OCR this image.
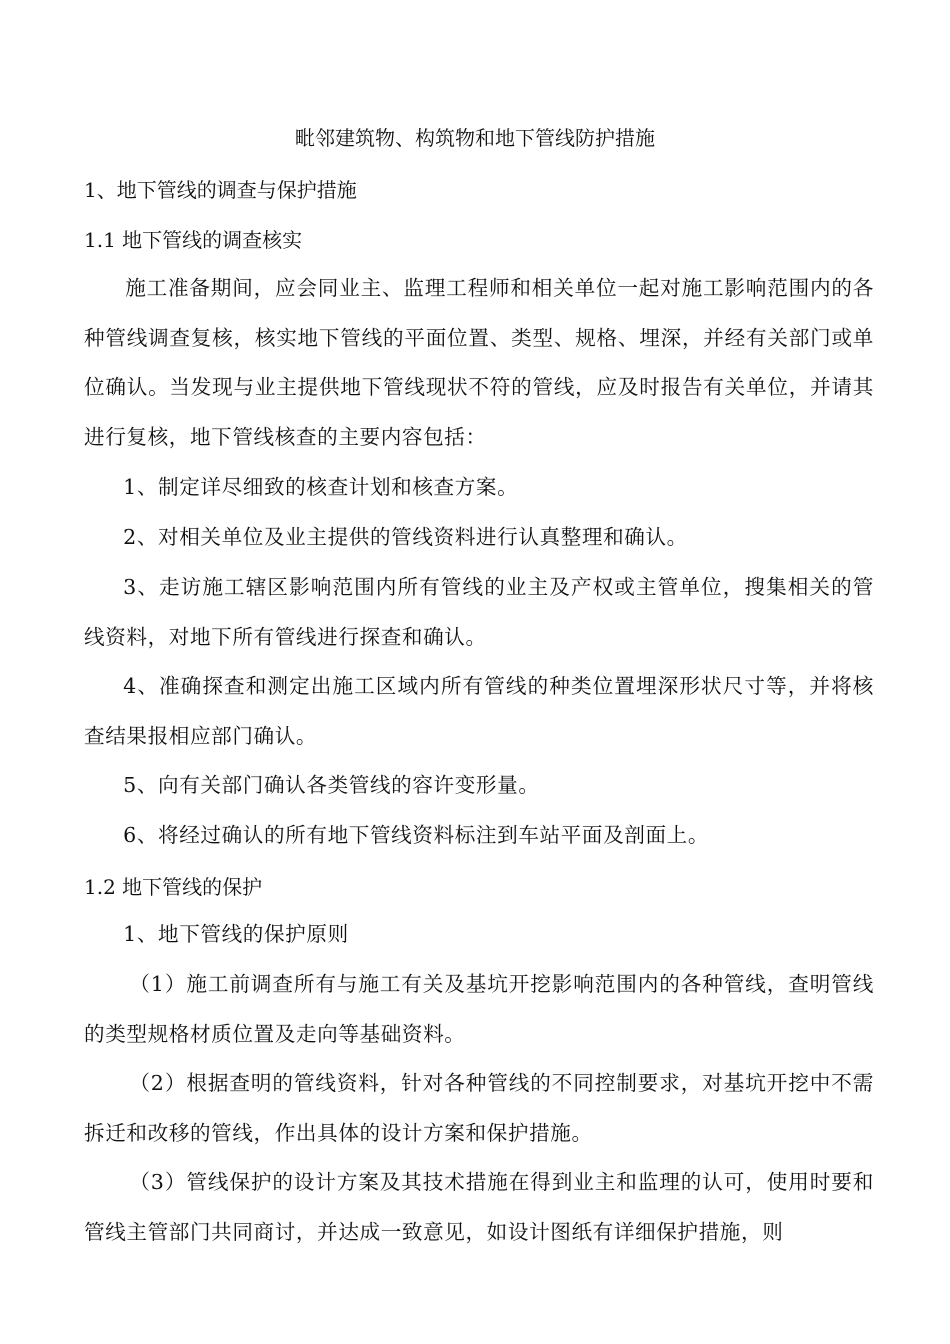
毗邻建筑物、构筑物和地下管线防护措施
1、地下管线的调查与保护措施
1.1 地下管线的调查核实

施工准备期间，应会同业主、监理工程师和相关单位一起对施工影响范围内的各种管线调查复核，核实地下管线的平面位置、类型、规格、埋深，并经有关部门或单位确认。当发现与业主提供地下管线现状不符的管线，应及时报告有关单位，并请其进行复核，地下管线核查的主要内容包括：

1、制定详尽细致的核查计划和核查方案。

2、对相关单位及业主提供的管线资料进行认真整理和确认。

3、走访施工辖区影响范围内所有管线的业主及产权或主管单位，搜集相关的管线资料，对地下所有管线进行探查和确认。

4、准确探查和测定出施工区域内所有管线的种类位置埋深形状尺寸等，并将核查结果报相应部门确认。

5、向有关部门确认各类管线的容许变形量。

6、将经过确认的所有地下管线资料标注到车站平面及剖面上。

1.2 地下管线的保护

1、地下管线的保护原则

（1）施工前调查所有与施工有关及基坑开挖影响范围内的各种管线，查明管线的类型规格材质位置及走向等基础资料。

（2）根据查明的管线资料，针对各种管线的不同控制要求，对基坑开挖中不需拆迁和改移的管线，作出具体的设计方案和保护措施。

（3）管线保护的设计方案及其技术措施在得到业主和监理的认可，使用时要和管线主管部门共同商讨，并达成一致意见，如设计图纸有详细保护措施，则
